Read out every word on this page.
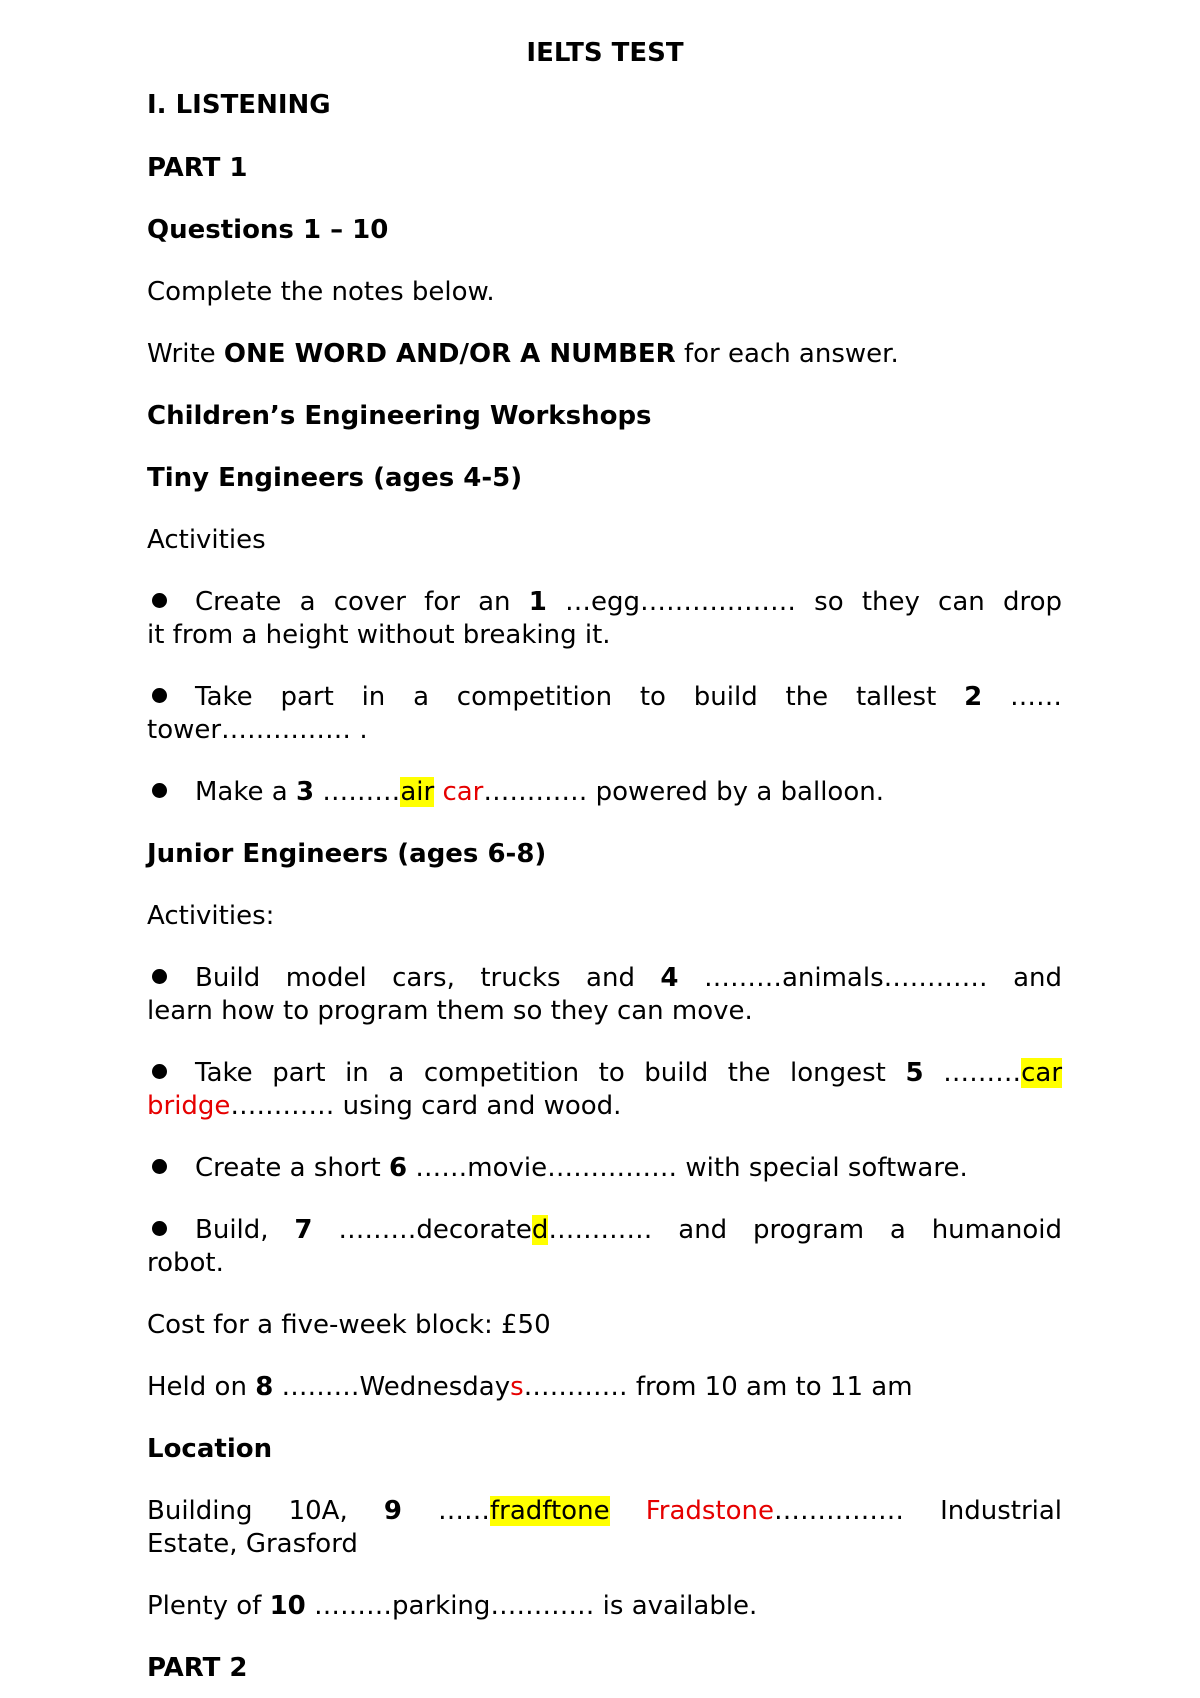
IELTS TEST
I. LISTENING
PART 1
Questions 1 – 10
Complete the notes below.
Write ONE WORD AND/OR A NUMBER for each answer.
Children’s Engineering Workshops
Tiny Engineers (ages 4-5)
Activities
Create a cover for an 1 …egg……………… so they can drop
it from a height without breaking it.
Take part in a competition to build the tallest 2 ……
tower…………… .
Make a 3 ………air car………… powered by a balloon.
Junior Engineers (ages 6-8)
Activities:
Build model cars, trucks and 4 ………animals………… and
learn how to program them so they can move.
Take part in a competition to build the longest 5 ………car
bridge………… using card and wood.
Create a short 6 ……movie…………… with special software.
Build, 7 ………decorated………… and program a humanoid
robot.
Cost for a five-week block: £50
Held on 8 ………Wednesdays………… from 10 am to 11 am
Location
Building 10A, 9 ……fradftone Fradstone…………… Industrial
Estate, Grasford
Plenty of 10 ………parking………… is available.
PART 2
